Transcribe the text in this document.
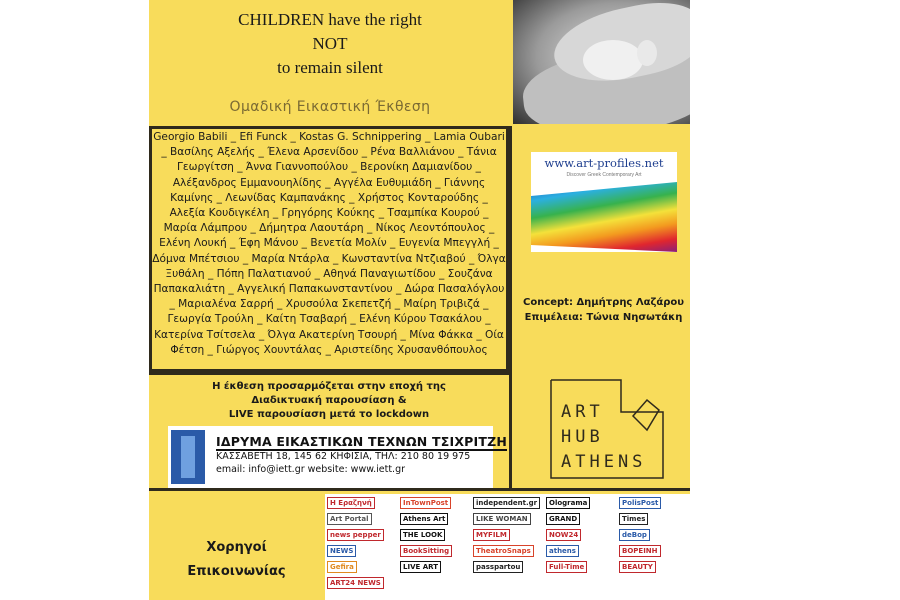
CHILDREN have the right
NOT
to remain silent
Ομαδική Εικαστική Έκθεση
Georgio Babili _ Efi Funck _ Kostas G. Schnippering _ Lamia Oubari _ Βασίλης Αξελής _ Έλενα Αρσενίδου _ Ρένα Βαλλιάνου _ Τάνια Γεωργίτση _ Άννα Γιαννοπούλου _ Βερονίκη Δαμιανίδου _ Αλέξανδρος Εμμανουηλίδης _ Αγγέλα Ευθυμιάδη _ Γιάννης Καμίνης _ Λεωνίδας Καμπανάκης _ Χρήστος Κονταρούδης _ Αλεξία Κουδιγκέλη _ Γρηγόρης Κούκης _ Τσαμπίκα Κουρού _ Μαρία Λάμπρου _ Δήμητρα Λαουτάρη _ Νίκος Λεοντόπουλος _ Ελένη Λουκή _ Έφη Μάνου _ Βενετία Μολίν _ Ευγενία Μπεγγλή _ Δόμνα Μπέτσιου _ Μαρία Ντάρλα _ Κωνσταντίνα Ντζιαβού _ Όλγα Ξυθάλη _ Πόπη Παλατιανού _ Αθηνά Παναγιωτίδου _ Σουζάνα Παπακαλιάτη _ Αγγελική Παπακωνσταντίνου _ Δώρα Πασαλόγλου _ Μαριαλένα Σαρρή _ Χρυσούλα Σκεπετζή _ Μαίρη Τριβιζά _ Γεωργία Τρούλη _ Καίτη Τσαβαρή _ Ελένη Κύρου Τσακάλου _ Κατερίνα Τσίτσελα _ Όλγα Ακατερίνη Τσουρή _ Μίνα Φάκκα _ Οία Φέτση _ Γιώργος Χουντάλας _ Αριστείδης Χρυσανθόπουλος
www.art-profiles.net
Discover Greek Contemporary Art
Concept: Δημήτρης Λαζάρου
Επιμέλεια: Τώνια Νησωτάκη
Η έκθεση προσαρμόζεται στην εποχή της
Διαδικτυακή παρουσίαση &
LIVE παρουσίαση μετά το lockdown
ΙΔΡΥΜΑ ΕΙΚΑΣΤΙΚΩΝ ΤΕΧΝΩΝ ΤΣΙΧΡΙΤΖΗ
ΚΑΣΣΑΒΕΤΗ 18, 145 62 ΚΗΦΙΣΙΑ, ΤΗΛ: 210 80 19 975
email: info@iett.gr website: www.iett.gr
ART
HUB
ATHENS
Χορηγοί
Επικοινωνίας
Η Εραζηνή	InTownPost	independent.gr	Olograma	PolisPost
Art Portal	Athens Art	LIKE WOMAN	GRAND	Times
news pepper	THE LOOK	MYFILM	NOW24	deBop
NEWS	BookSitting	TheatroSnaps	athens	ΒΟΡΕΙΝΗ
Gefira	LIVE ART	passpartou	Full-Time	BEAUTY
ART24 NEWS
